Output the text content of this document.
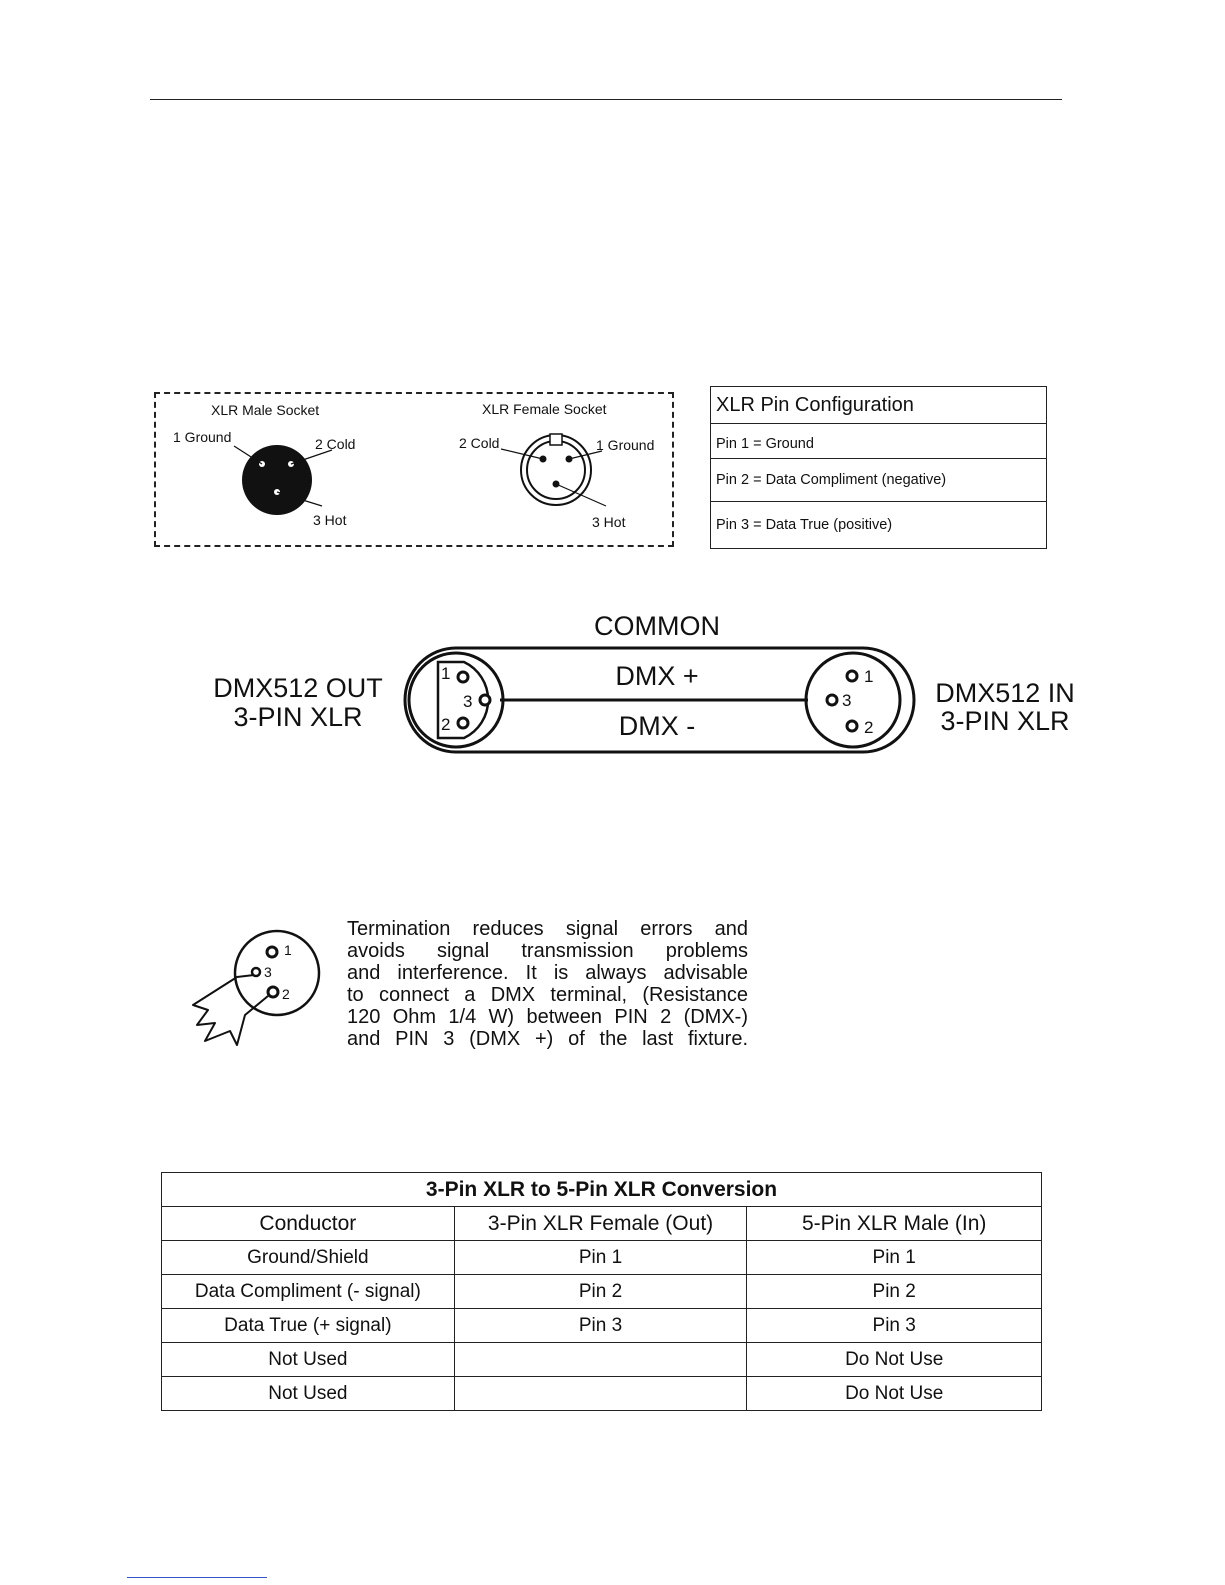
XLR Male Socket
1 Ground	2 Cold
3 Hot
XLR Female Socket
2 Cold	1 Ground
3 Hot
XLR Pin Configuration
Pin 1 = Ground
Pin 2 = Data Compliment (negative)
Pin 3 = Data True (positive)
COMMON
DMX512 OUT
3-PIN XLR
DMX512 IN
3-PIN XLR
1
3
2
1
3
2
DMX +
DMX -
1
3
2
Termination reduces signal errors and
avoids signal transmission problems
and interference. It is always advisable
to connect a DMX terminal, (Resistance
120 Ohm 1/4 W) between PIN 2 (DMX-)
and PIN 3 (DMX +) of the last fixture.
3-Pin XLR to 5-Pin XLR Conversion		
Conductor	3-Pin XLR Female (Out)	5-Pin XLR Male (In)
Ground/Shield	Pin 1	Pin 1
Data Compliment (- signal)	Pin 2	Pin 2
Data True (+ signal)	Pin 3	Pin 3
Not Used		Do Not Use
Not Used		Do Not Use
